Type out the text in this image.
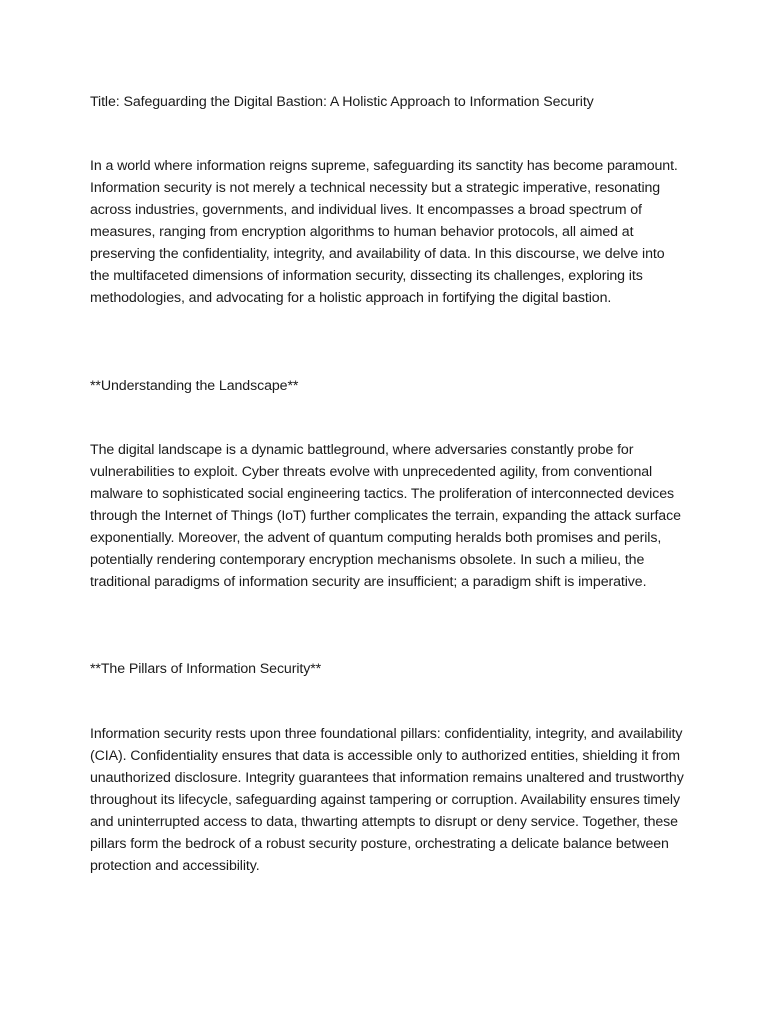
Title: Safeguarding the Digital Bastion: A Holistic Approach to Information Security

In a world where information reigns supreme, safeguarding its sanctity has become paramount. Information security is not merely a technical necessity but a strategic imperative, resonating across industries, governments, and individual lives. It encompasses a broad spectrum of measures, ranging from encryption algorithms to human behavior protocols, all aimed at preserving the confidentiality, integrity, and availability of data. In this discourse, we delve into the multifaceted dimensions of information security, dissecting its challenges, exploring its methodologies, and advocating for a holistic approach in fortifying the digital bastion.

**Understanding the Landscape**

The digital landscape is a dynamic battleground, where adversaries constantly probe for vulnerabilities to exploit. Cyber threats evolve with unprecedented agility, from conventional malware to sophisticated social engineering tactics. The proliferation of interconnected devices through the Internet of Things (IoT) further complicates the terrain, expanding the attack surface exponentially. Moreover, the advent of quantum computing heralds both promises and perils, potentially rendering contemporary encryption mechanisms obsolete. In such a milieu, the traditional paradigms of information security are insufficient; a paradigm shift is imperative.

**The Pillars of Information Security**

Information security rests upon three foundational pillars: confidentiality, integrity, and availability (CIA). Confidentiality ensures that data is accessible only to authorized entities, shielding it from unauthorized disclosure. Integrity guarantees that information remains unaltered and trustworthy throughout its lifecycle, safeguarding against tampering or corruption. Availability ensures timely and uninterrupted access to data, thwarting attempts to disrupt or deny service. Together, these pillars form the bedrock of a robust security posture, orchestrating a delicate balance between protection and accessibility.
